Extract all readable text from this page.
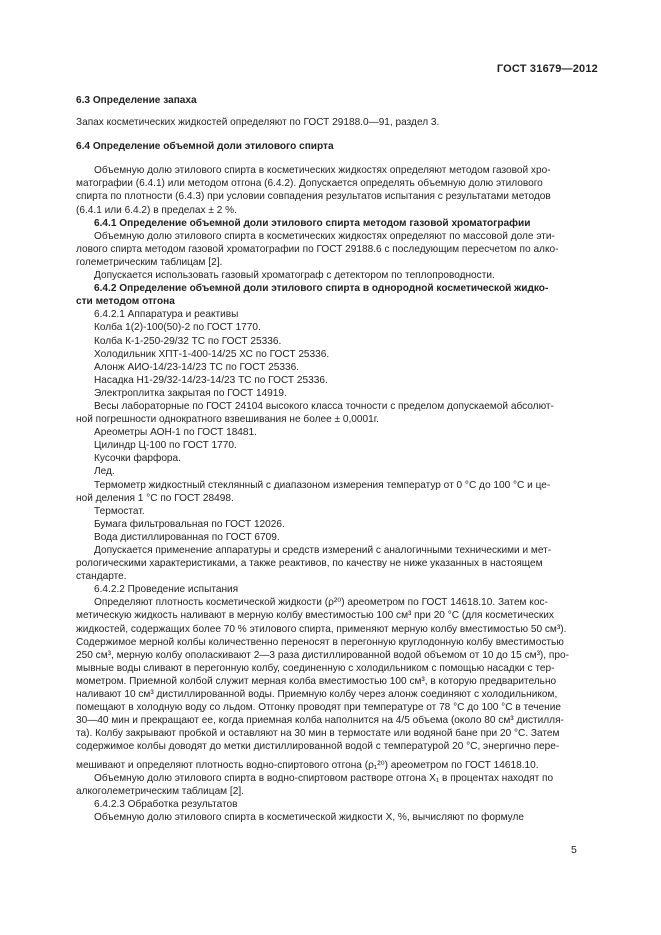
ГОСТ 31679—2012

6.3 Определение запаха

Запах косметических жидкостей определяют по ГОСТ 29188.0—91, раздел 3.

6.4 Определение объемной доли этилового спирта

Объемную долю этилового спирта в косметических жидкостях определяют методом газовой хро-

матографии (6.4.1) или методом отгона (6.4.2). Допускается определять объемную долю этилового

спирта по плотности (6.4.3) при условии совпадения результатов испытания с результатами методов

(6.4.1 или 6.4.2) в пределах ± 2 %.

6.4.1 Определение объемной доли этилового спирта методом газовой хроматографии

Объемную долю этилового спирта в косметических жидкостях определяют по массовой доле эти-

лового спирта методом газовой хроматографии по ГОСТ 29188.6 с последующим пересчетом по алко-

големетрическим таблицам [2].

Допускается использовать газовый хроматограф с детектором по теплопроводности.

6.4.2 Определение объемной доли этилового спирта в однородной косметической жидко-

сти методом отгона

6.4.2.1 Аппаратура и реактивы

Колба 1(2)-100(50)-2 по ГОСТ 1770.

Колба К-1-250-29/32 ТС по ГОСТ 25336.

Холодильник ХПТ-1-400-14/25 ХС по ГОСТ 25336.

Алонж АИО-14/23-14/23 ТС по ГОСТ 25336.

Насадка Н1-29/32-14/23-14/23 ТС по ГОСТ 25336.

Электроплитка закрытая по ГОСТ 14919.

Весы лабораторные по ГОСТ 24104 высокого класса точности с пределом допускаемой абсолют-

ной погрешности однократного взвешивания не более ± 0,0001г.

Ареометры АОН-1 по ГОСТ 18481.

Цилиндр Ц-100 по ГОСТ 1770.

Кусочки фарфора.

Лед.

Термометр жидкостный стеклянный с диапазоном измерения температур от 0 °С до 100 °С и це-

ной деления 1 °С по ГОСТ 28498.

Термостат.

Бумага фильтровальная по ГОСТ 12026.

Вода дистиллированная по ГОСТ 6709.

Допускается применение аппаратуры и средств измерений с аналогичными техническими и мет-

рологическими характеристиками, а также реактивов, по качеству не ниже указанных в настоящем

стандарте.

6.4.2.2 Проведение испытания

Определяют плотность косметической жидкости (ρ²⁰) ареометром по ГОСТ 14618.10. Затем кос-

метическую жидкость наливают в мерную колбу вместимостью 100 см³ при 20 °С (для косметических

жидкостей, содержащих более 70 % этилового спирта, применяют мерную колбу вместимостью 50 см³).

Содержимое мерной колбы количественно переносят в перегонную круглодонную колбу вместимостью

250 см³, мерную колбу ополаскивают 2—3 раза дистиллированной водой объемом от 10 до 15 см³), про-

мывные воды сливают в перегонную колбу, соединенную с холодильником с помощью насадки с тер-

мометром. Приемной колбой служит мерная колба вместимостью 100 см³, в которую предварительно

наливают 10 см³ дистиллированной воды. Приемную колбу через алонж соединяют с холодильником,

помещают в холодную воду со льдом. Отгонку проводят при температуре от 78 °С до 100 °С в течение

30—40 мин и прекращают ее, когда приемная колба наполнится на 4/5 объема (около 80 см³ дистилля-

та). Колбу закрывают пробкой и оставляют на 30 мин в термостате или водяной бане при 20 °С. Затем

содержимое колбы доводят до метки дистиллированной водой с температурой 20 °С, энергично пере-

мешивают и определяют плотность водно-спиртового отгона (ρ₁²⁰) ареометром по ГОСТ 14618.10.

Объемную долю этилового спирта в водно-спиртовом растворе отгона X₁ в процентах находят по

алкоголеметрическим таблицам [2].

6.4.2.3 Обработка результатов

Объемную долю этилового спирта в косметической жидкости X, %, вычисляют по формуле

5
